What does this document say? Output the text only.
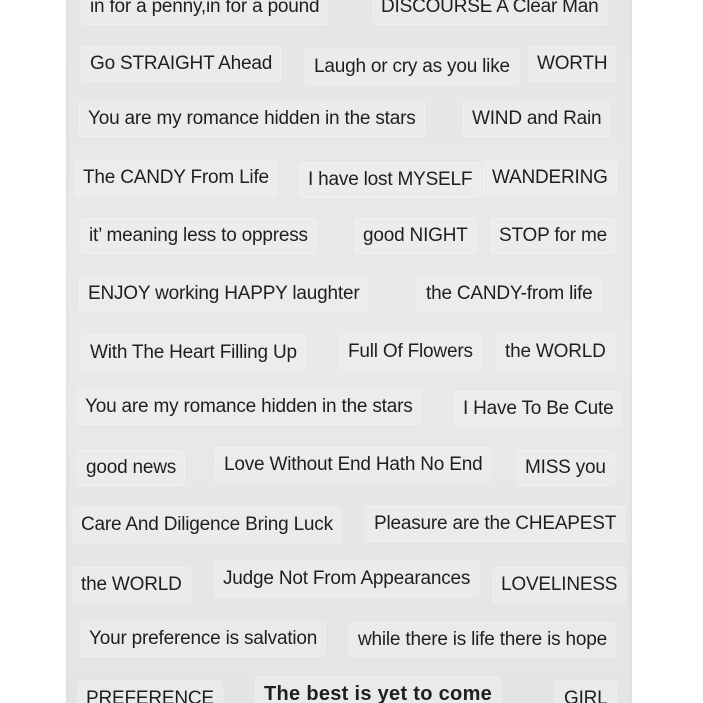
in for a penny,in for a pound	DISCOURSE A Clear Man
Go STRAIGHT Ahead	Laugh or cry as you like	WORTH
You are my romance hidden in the stars	WIND and Rain
The CANDY From Life	I have lost MYSELF	WANDERING
it’ meaning less to oppress	good NIGHT	STOP for me
ENJOY working HAPPY laughter	the CANDY-from life
With The Heart Filling Up	Full Of Flowers	the WORLD
You are my romance hidden in the stars	I Have To Be Cute
good news	Love Without End Hath No End	MISS you
Care And Diligence Bring Luck	Pleasure are the CHEAPEST
the WORLD	Judge Not From Appearances	LOVELINESS
Your preference is salvation	while there is life there is hope
PREFERENCE	The best is yet to come	GIRL
